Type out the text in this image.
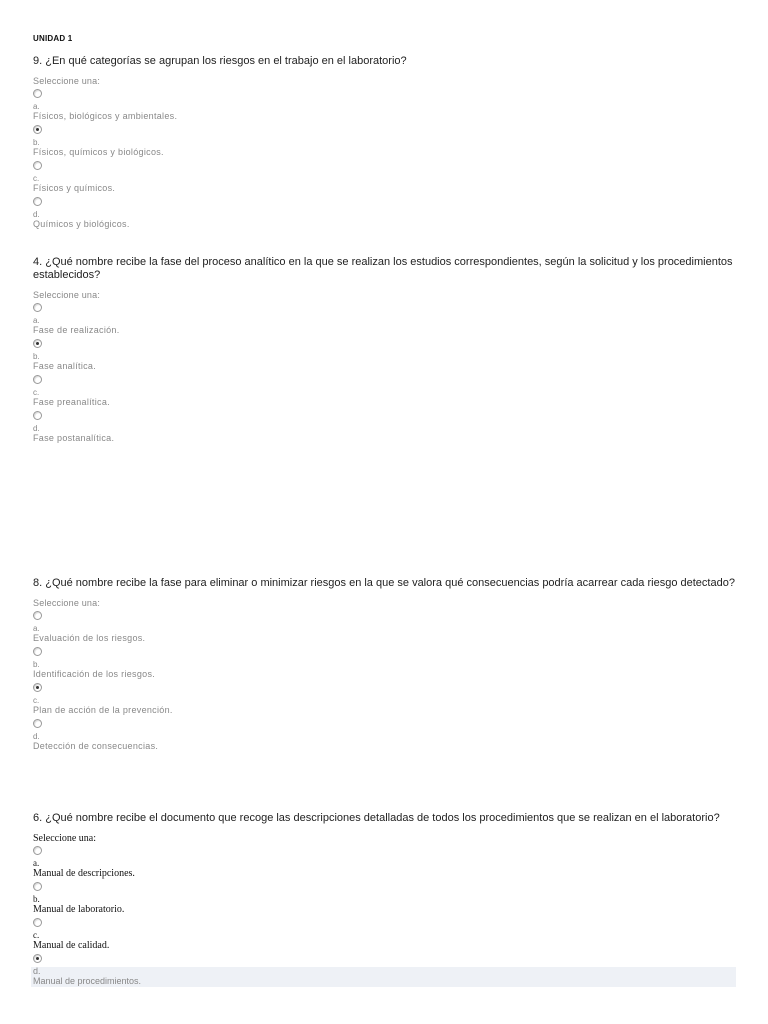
UNIDAD 1
9. ¿En qué categorías se agrupan los riesgos en el trabajo en el laboratorio?
Seleccione una:
a.
Físicos, biológicos y ambientales.
b.
Físicos, químicos y biológicos.
c.
Físicos y químicos.
d.
Químicos y biológicos.
4. ¿Qué nombre recibe la fase del proceso analítico en la que se realizan los estudios correspondientes, según la solicitud y los procedimientos establecidos?
Seleccione una:
a.
Fase de realización.
b.
Fase analítica.
c.
Fase preanalítica.
d.
Fase postanalítica.
8. ¿Qué nombre recibe la fase para eliminar o minimizar riesgos en la que se valora qué consecuencias podría acarrear cada riesgo detectado?
Seleccione una:
a.
Evaluación de los riesgos.
b.
Identificación de los riesgos.
c.
Plan de acción de la prevención.
d.
Detección de consecuencias.
6. ¿Qué nombre recibe el documento que recoge las descripciones detalladas de todos los procedimientos que se realizan en el laboratorio?
Seleccione una:
a.
Manual de descripciones.
b.
Manual de laboratorio.
c.
Manual de calidad.
d.
Manual de procedimientos.
